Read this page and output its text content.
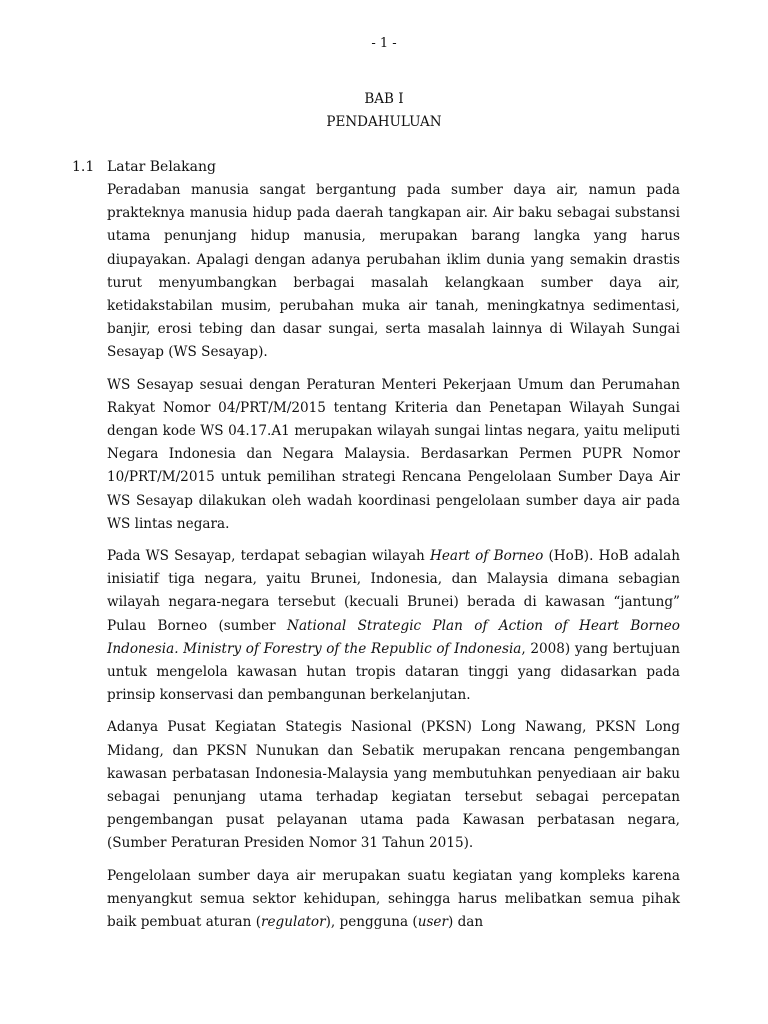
- 1 -
BAB I
PENDAHULUAN
1.1 Latar Belakang

Peradaban manusia sangat bergantung pada sumber daya air, namun pada prakteknya manusia hidup pada daerah tangkapan air. Air baku sebagai substansi utama penunjang hidup manusia, merupakan barang langka yang harus diupayakan. Apalagi dengan adanya perubahan iklim dunia yang semakin drastis turut menyumbangkan berbagai masalah kelangkaan sumber daya air, ketidakstabilan musim, perubahan muka air tanah, meningkatnya sedimentasi, banjir, erosi tebing dan dasar sungai, serta masalah lainnya di Wilayah Sungai Sesayap (WS Sesayap).

WS Sesayap sesuai dengan Peraturan Menteri Pekerjaan Umum dan Perumahan Rakyat Nomor 04/PRT/M/2015 tentang Kriteria dan Penetapan Wilayah Sungai dengan kode WS 04.17.A1 merupakan wilayah sungai lintas negara, yaitu meliputi Negara Indonesia dan Negara Malaysia. Berdasarkan Permen PUPR Nomor 10/PRT/M/2015 untuk pemilihan strategi Rencana Pengelolaan Sumber Daya Air WS Sesayap dilakukan oleh wadah koordinasi pengelolaan sumber daya air pada WS lintas negara.

Pada WS Sesayap, terdapat sebagian wilayah Heart of Borneo (HoB). HoB adalah inisiatif tiga negara, yaitu Brunei, Indonesia, dan Malaysia dimana sebagian wilayah negara-negara tersebut (kecuali Brunei) berada di kawasan “jantung” Pulau Borneo (sumber National Strategic Plan of Action of Heart Borneo Indonesia. Ministry of Forestry of the Republic of Indonesia, 2008) yang bertujuan untuk mengelola kawasan hutan tropis dataran tinggi yang didasarkan pada prinsip konservasi dan pembangunan berkelanjutan.

Adanya Pusat Kegiatan Stategis Nasional (PKSN) Long Nawang, PKSN Long Midang, dan PKSN Nunukan dan Sebatik merupakan rencana pengembangan kawasan perbatasan Indonesia-Malaysia yang membutuhkan penyediaan air baku sebagai penunjang utama terhadap kegiatan tersebut sebagai percepatan pengembangan pusat pelayanan utama pada Kawasan perbatasan negara, (Sumber Peraturan Presiden Nomor 31 Tahun 2015).

Pengelolaan sumber daya air merupakan suatu kegiatan yang kompleks karena menyangkut semua sektor kehidupan, sehingga harus melibatkan semua pihak baik pembuat aturan (regulator), pengguna (user) dan
